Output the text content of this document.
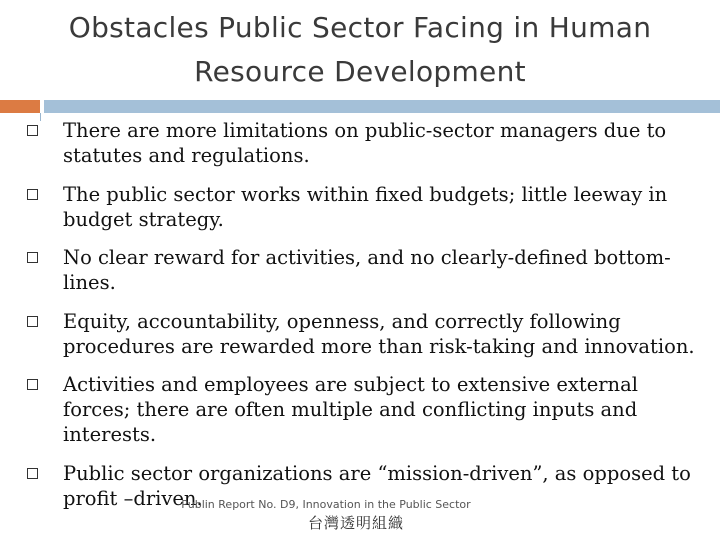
Obstacles Public Sector Facing in Human
Resource Development
There are more limitations on public-sector managers due to statutes and regulations.
The public sector works within fixed budgets; little leeway in budget strategy.
No clear reward for activities, and no clearly-defined bottom-lines.
Equity, accountability, openness, and correctly following procedures are rewarded more than risk-taking and innovation.
Activities and employees are subject to extensive external forces; there are often multiple and conflicting inputs and interests.
Public sector organizations are “mission-driven”, as opposed to profit –driven.
Publin Report No. D9, Innovation in the Public Sector
台灣透明組織
